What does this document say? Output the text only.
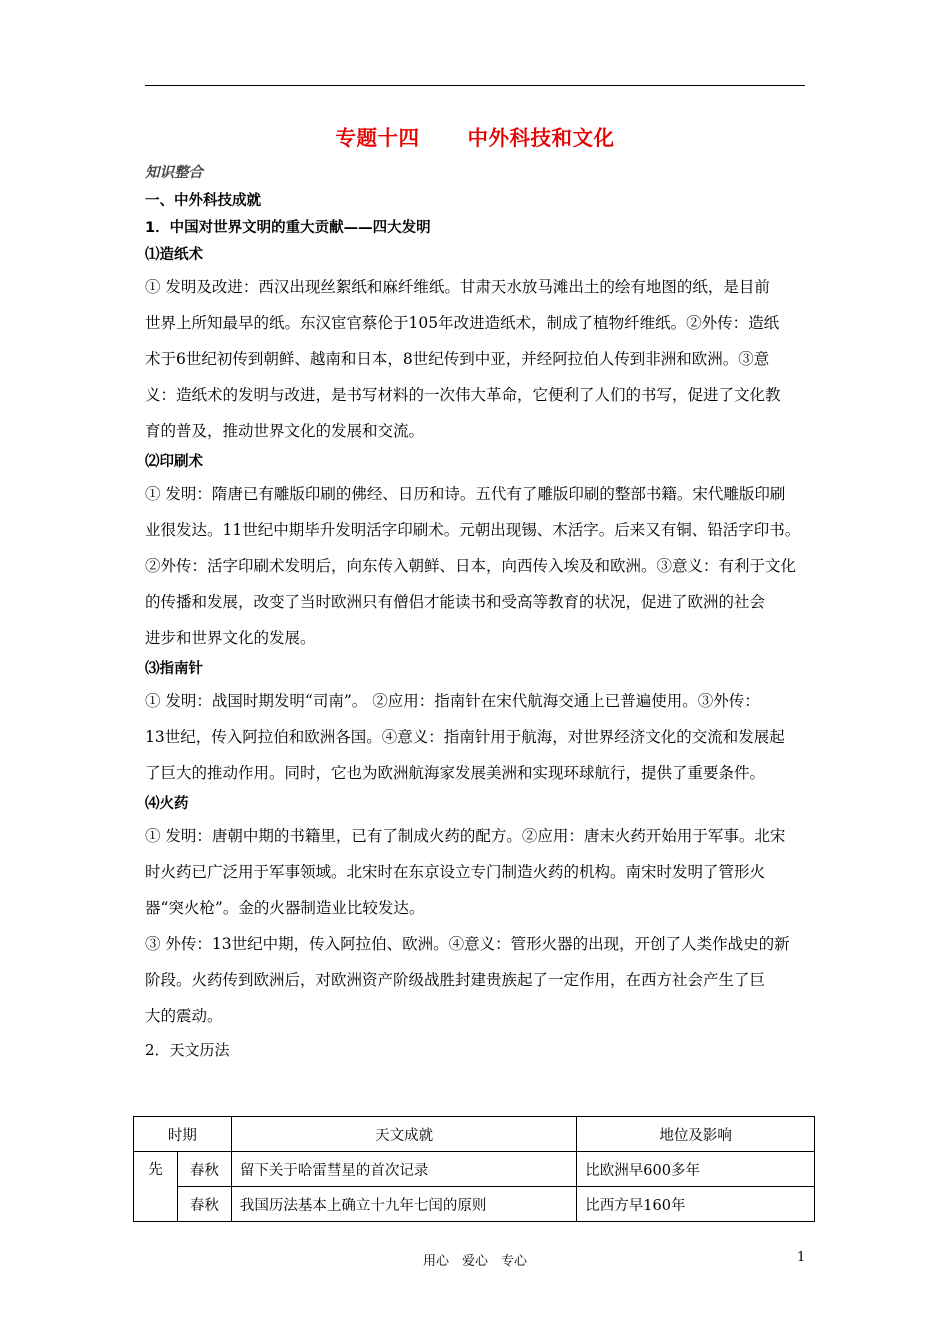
专题十四 中外科技和文化
知识整合
一、中外科技成就
1．中国对世界文明的重大贡献——四大发明
⑴造纸术
① 发明及改进：西汉出现丝絮纸和麻纤维纸。甘肃天水放马滩出土的绘有地图的纸，是目前
世界上所知最早的纸。东汉宦官蔡伦于105年改进造纸术，制成了植物纤维纸。②外传：造纸
术于6世纪初传到朝鲜、越南和日本，8世纪传到中亚，并经阿拉伯人传到非洲和欧洲。③意
义：造纸术的发明与改进，是书写材料的一次伟大革命，它便利了人们的书写，促进了文化教
育的普及，推动世界文化的发展和交流。
⑵印刷术
① 发明：隋唐已有雕版印刷的佛经、日历和诗。五代有了雕版印刷的整部书籍。宋代雕版印刷
业很发达。11世纪中期毕升发明活字印刷术。元朝出现锡、木活字。后来又有铜、铅活字印书。
②外传：活字印刷术发明后，向东传入朝鲜、日本，向西传入埃及和欧洲。③意义：有利于文化
的传播和发展，改变了当时欧洲只有僧侣才能读书和受高等教育的状况，促进了欧洲的社会
进步和世界文化的发展。
⑶指南针
① 发明：战国时期发明“司南”。 ②应用：指南针在宋代航海交通上已普遍使用。③外传：
13世纪，传入阿拉伯和欧洲各国。④意义：指南针用于航海，对世界经济文化的交流和发展起
了巨大的推动作用。同时，它也为欧洲航海家发展美洲和实现环球航行，提供了重要条件。
⑷火药
① 发明：唐朝中期的书籍里，已有了制成火药的配方。②应用：唐末火药开始用于军事。北宋
时火药已广泛用于军事领域。北宋时在东京设立专门制造火药的机构。南宋时发明了管形火
器“突火枪”。金的火器制造业比较发达。
③ 外传：13世纪中期，传入阿拉伯、欧洲。④意义：管形火器的出现，开创了人类作战史的新
阶段。火药传到欧洲后，对欧洲资产阶级战胜封建贵族起了一定作用，在西方社会产生了巨
大的震动。
2．天文历法
时期		天文成就	地位及影响
先	春秋	留下关于哈雷彗星的首次记录	比欧洲早600多年
	春秋	我国历法基本上确立十九年七闰的原则	比西方早160年
用心　爱心　专心	1
